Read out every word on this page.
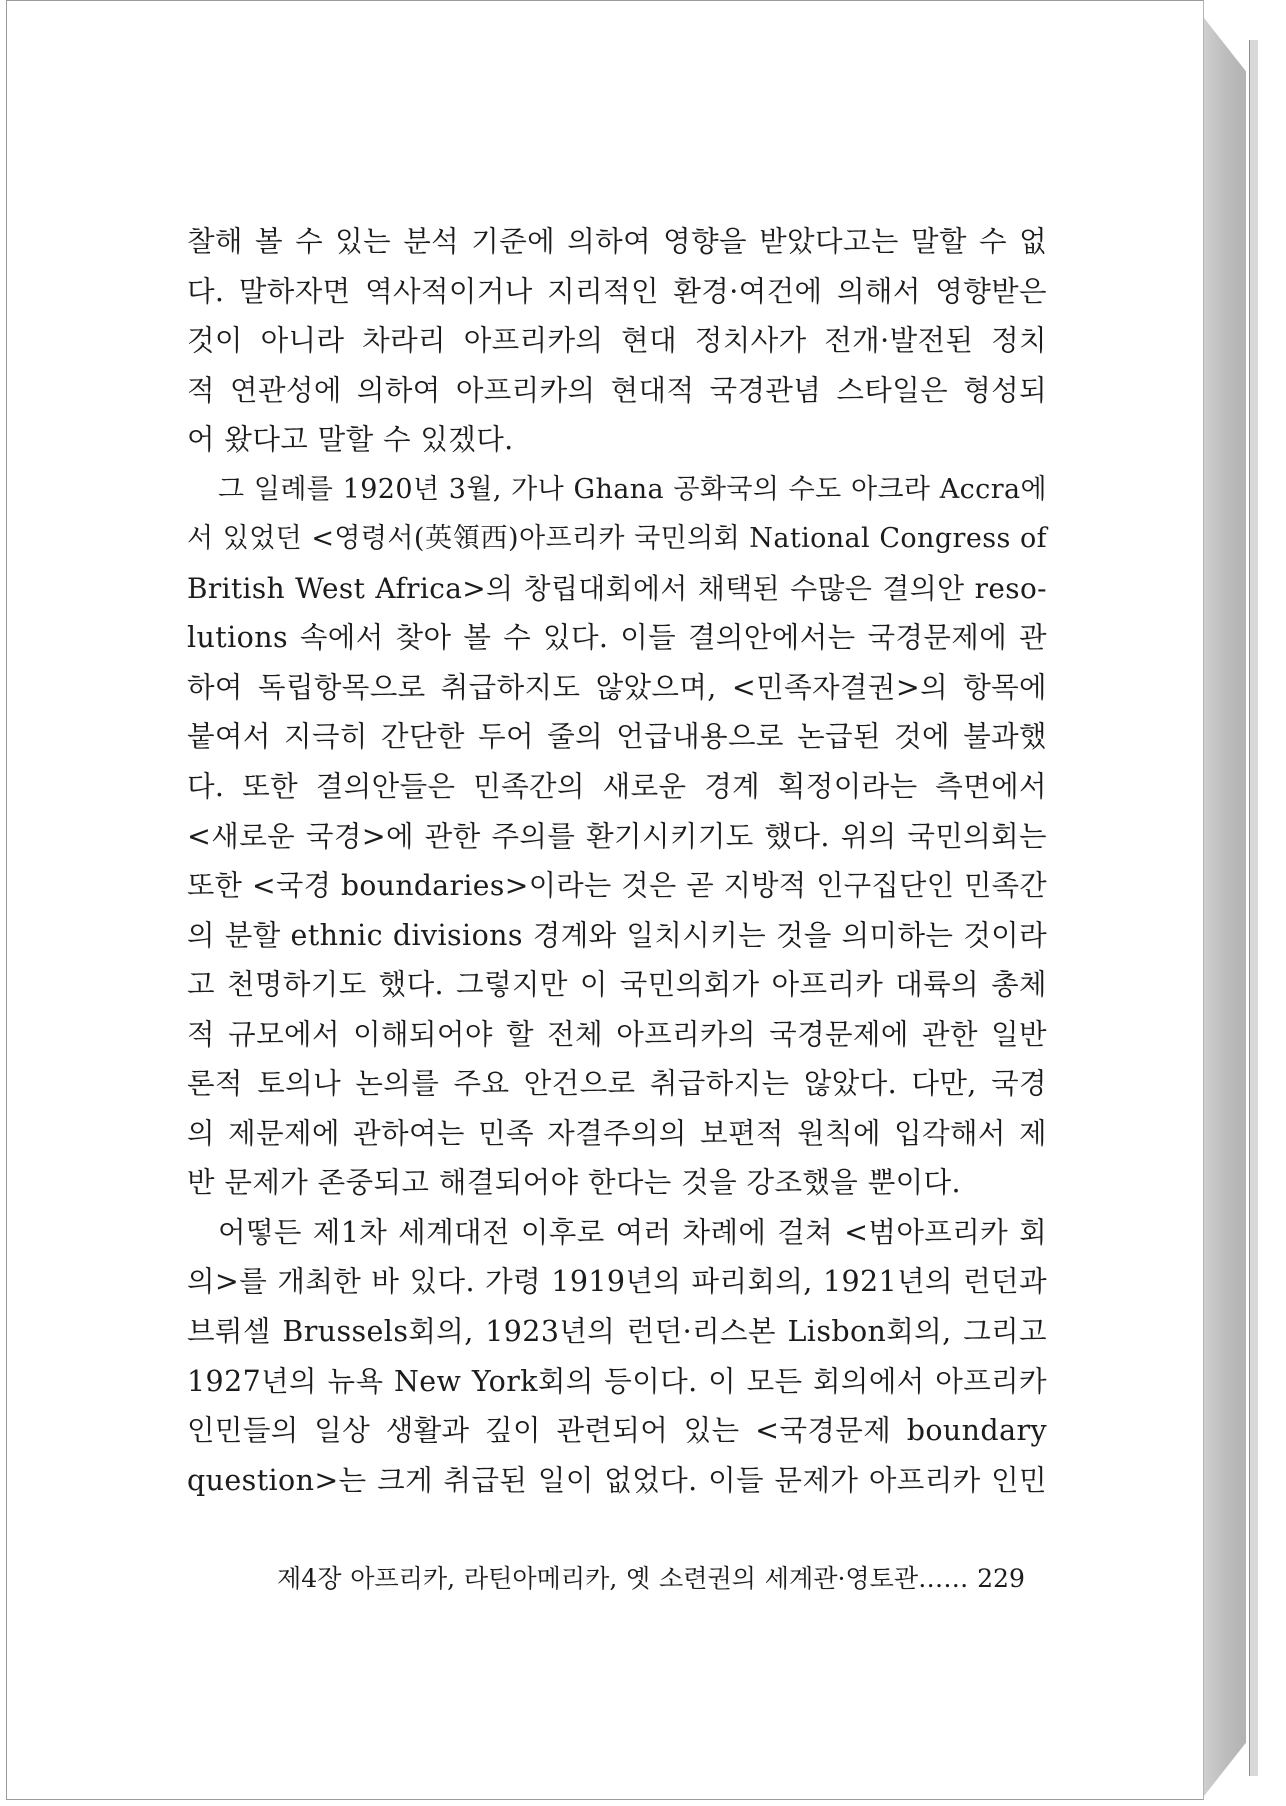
찰해 볼 수 있는 분석 기준에 의하여 영향을 받았다고는 말할 수 없
다. 말하자면 역사적이거나 지리적인 환경·여건에 의해서 영향받은
것이 아니라 차라리 아프리카의 현대 정치사가 전개·발전된 정치
적 연관성에 의하여 아프리카의 현대적 국경관념 스타일은 형성되
어 왔다고 말할 수 있겠다.
그 일례를 1920년 3월, 가나 Ghana 공화국의 수도 아크라 Accra에
서 있었던 <영령서(英領西)아프리카 국민의회 National Congress of
British West Africa>의 창립대회에서 채택된 수많은 결의안 reso-
lutions 속에서 찾아 볼 수 있다. 이들 결의안에서는 국경문제에 관
하여 독립항목으로 취급하지도 않았으며, <민족자결권>의 항목에
붙여서 지극히 간단한 두어 줄의 언급내용으로 논급된 것에 불과했
다. 또한 결의안들은 민족간의 새로운 경계 획정이라는 측면에서
<새로운 국경>에 관한 주의를 환기시키기도 했다. 위의 국민의회는
또한 <국경 boundaries>이라는 것은 곧 지방적 인구집단인 민족간
의 분할 ethnic divisions 경계와 일치시키는 것을 의미하는 것이라
고 천명하기도 했다. 그렇지만 이 국민의회가 아프리카 대륙의 총체
적 규모에서 이해되어야 할 전체 아프리카의 국경문제에 관한 일반
론적 토의나 논의를 주요 안건으로 취급하지는 않았다. 다만, 국경
의 제문제에 관하여는 민족 자결주의의 보편적 원칙에 입각해서 제
반 문제가 존중되고 해결되어야 한다는 것을 강조했을 뿐이다.
어떻든 제1차 세계대전 이후로 여러 차례에 걸쳐 <범아프리카 회
의>를 개최한 바 있다. 가령 1919년의 파리회의, 1921년의 런던과
브뤼셀 Brussels회의, 1923년의 런던·리스본 Lisbon회의, 그리고
1927년의 뉴욕 New York회의 등이다. 이 모든 회의에서 아프리카
인민들의 일상 생활과 깊이 관련되어 있는 <국경문제 boundary
question>는 크게 취급된 일이 없었다. 이들 문제가 아프리카 인민
제4장 아프리카, 라틴아메리카, 옛 소련권의 세계관·영토관…… 229
